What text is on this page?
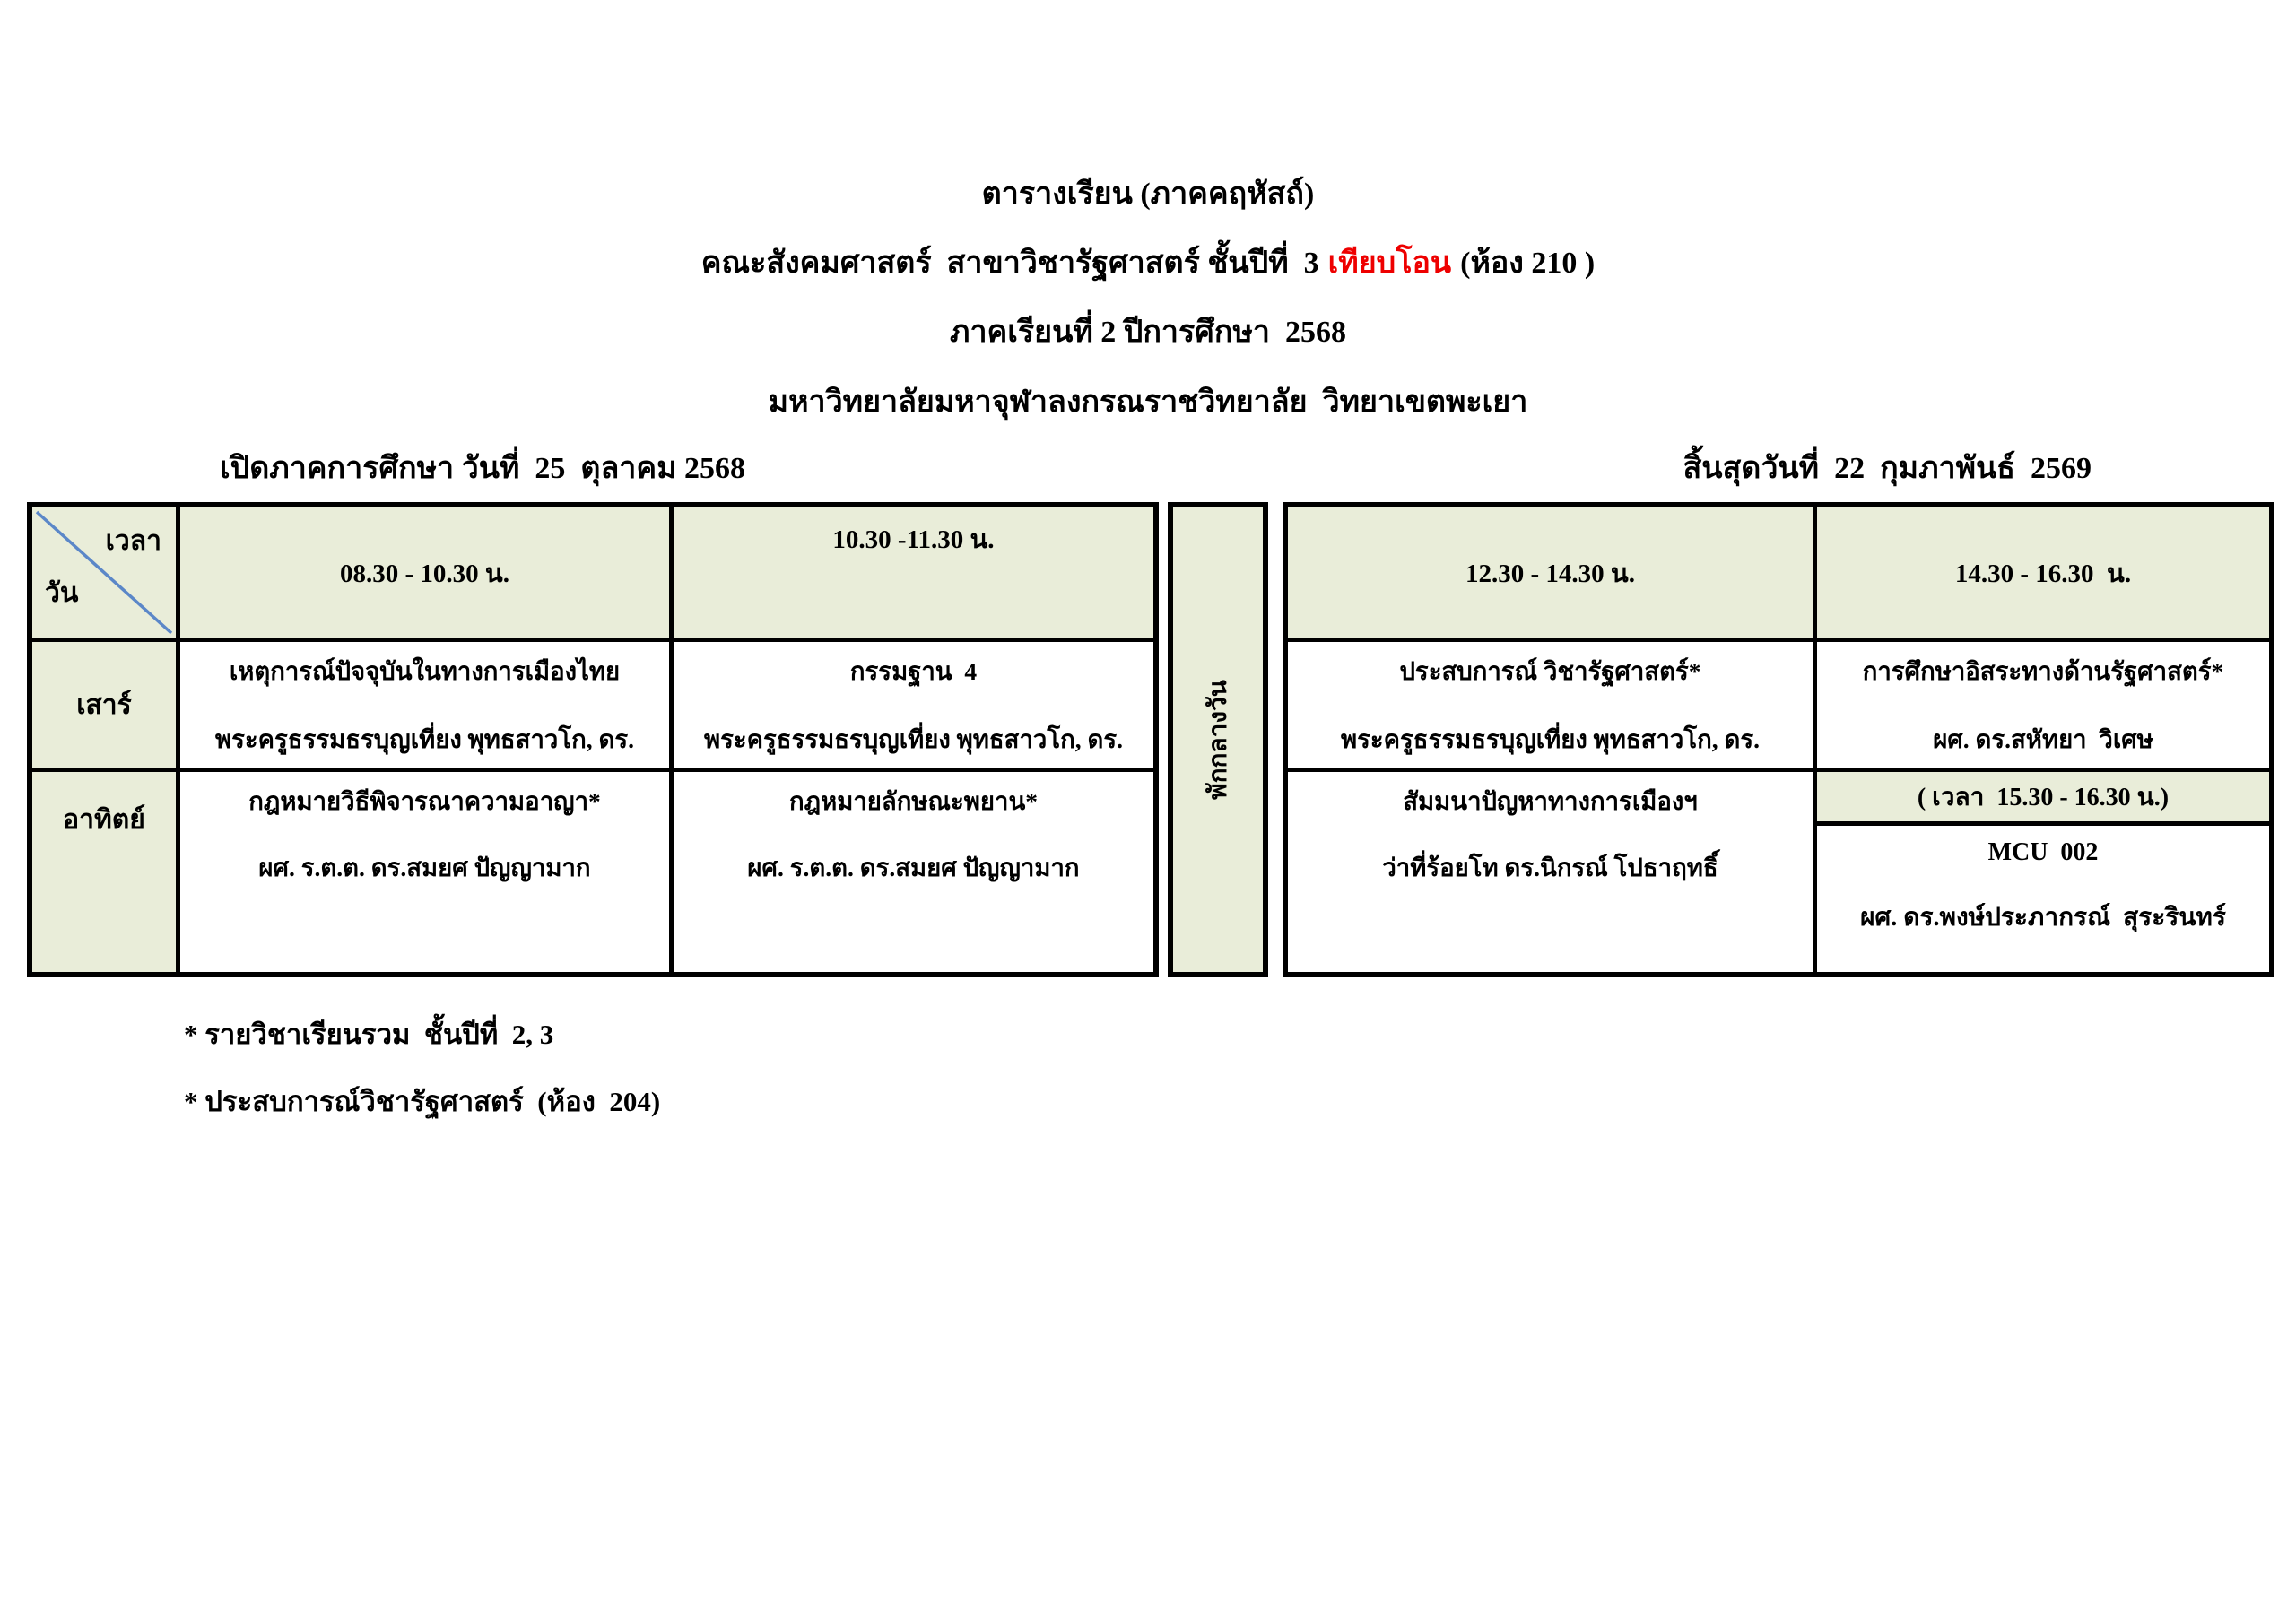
ตารางเรียน (ภาคคฤหัสถ์)
คณะสังคมศาสตร์  สาขาวิชารัฐศาสตร์ ชั้นปีที่  3 เทียบโอน (ห้อง 210 )
ภาคเรียนที่ 2 ปีการศึกษา  2568
มหาวิทยาลัยมหาจุฬาลงกรณราชวิทยาลัย  วิทยาเขตพะเยา

เปิดภาคการศึกษา วันที่  25  ตุลาคม 2568

	สิ้นสุดวันที่  22  กุมภาพันธ์  2569

เวลา
วัน
08.30 - 10.30 น.
10.30 -11.30 น.
เสาร์
เหตุการณ์ปัจจุบันในทางการเมืองไทย
พระครูธรรมธรบุญเที่ยง พุทธสาวโก, ดร.
กรรมฐาน  4
พระครูธรรมธรบุญเที่ยง พุทธสาวโก, ดร.
อาทิตย์
กฎหมายวิธีพิจารณาความอาญา*
ผศ. ร.ต.ต. ดร.สมยศ ปัญญามาก
กฎหมายลักษณะพยาน*
ผศ. ร.ต.ต. ดร.สมยศ ปัญญามาก
พักกลางวัน
12.30 - 14.30 น.	14.30 - 16.30  น.
ประสบการณ์ วิชารัฐศาสตร์*
พระครูธรรมธรบุญเที่ยง พุทธสาวโก, ดร.
การศึกษาอิสระทางด้านรัฐศาสตร์*
ผศ. ดร.สหัทยา  วิเศษ
สัมมนาปัญหาทางการเมืองฯ
ว่าที่ร้อยโท ดร.นิกรณ์ โปธาฤทธิ์
( เวลา  15.30 - 16.30 น.)
MCU  002
ผศ. ดร.พงษ์ประภากรณ์  สุระรินทร์
* รายวิชาเรียนรวม  ชั้นปีที่  2, 3
* ประสบการณ์วิชารัฐศาสตร์  (ห้อง  204)
